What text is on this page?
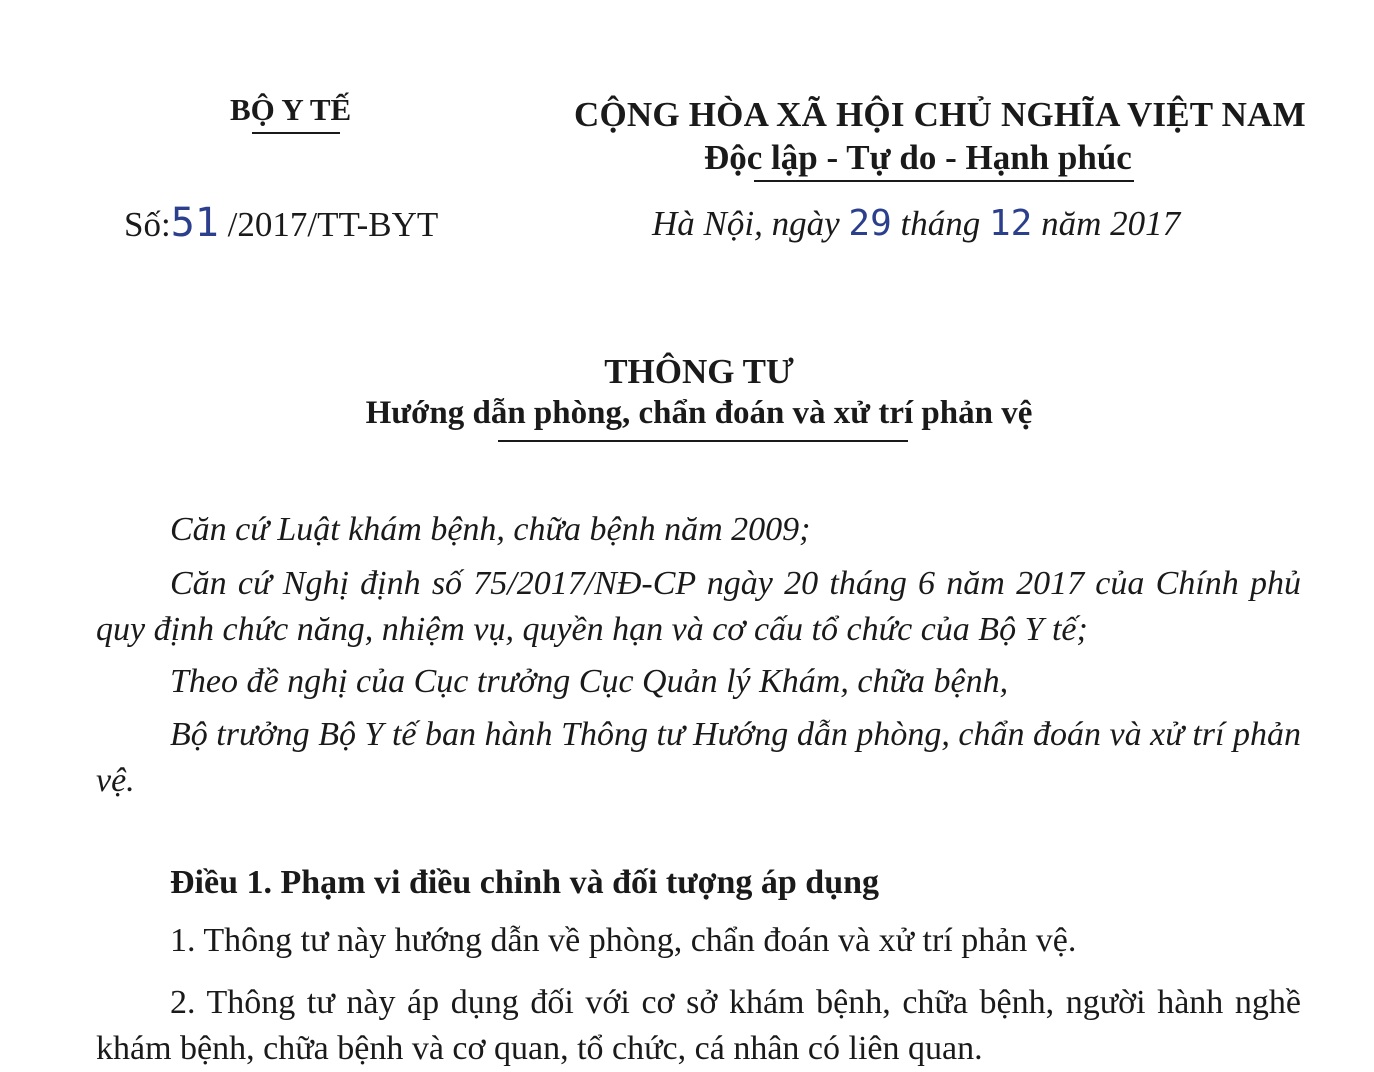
BỘ Y TẾ	CỘNG HÒA XÃ HỘI CHỦ NGHĨA VIỆT NAM
Độc lập - Tự do - Hạnh phúc
Số:51 /2017/TT-BYT	Hà Nội, ngày 29 tháng 12 năm 2017
THÔNG TƯ
Hướng dẫn phòng, chẩn đoán và xử trí phản vệ

Căn cứ Luật khám bệnh, chữa bệnh năm 2009;

Căn cứ Nghị định số 75/2017/NĐ-CP ngày 20 tháng 6 năm 2017 của Chính phủ quy định chức năng, nhiệm vụ, quyền hạn và cơ cấu tổ chức của Bộ Y tế;

Theo đề nghị của Cục trưởng Cục Quản lý Khám, chữa bệnh,

Bộ trưởng Bộ Y tế ban hành Thông tư Hướng dẫn phòng, chẩn đoán và xử trí phản vệ.

Điều 1. Phạm vi điều chỉnh và đối tượng áp dụng

1. Thông tư này hướng dẫn về phòng, chẩn đoán và xử trí phản vệ.

2. Thông tư này áp dụng đối với cơ sở khám bệnh, chữa bệnh, người hành nghề khám bệnh, chữa bệnh và cơ quan, tổ chức, cá nhân có liên quan.
